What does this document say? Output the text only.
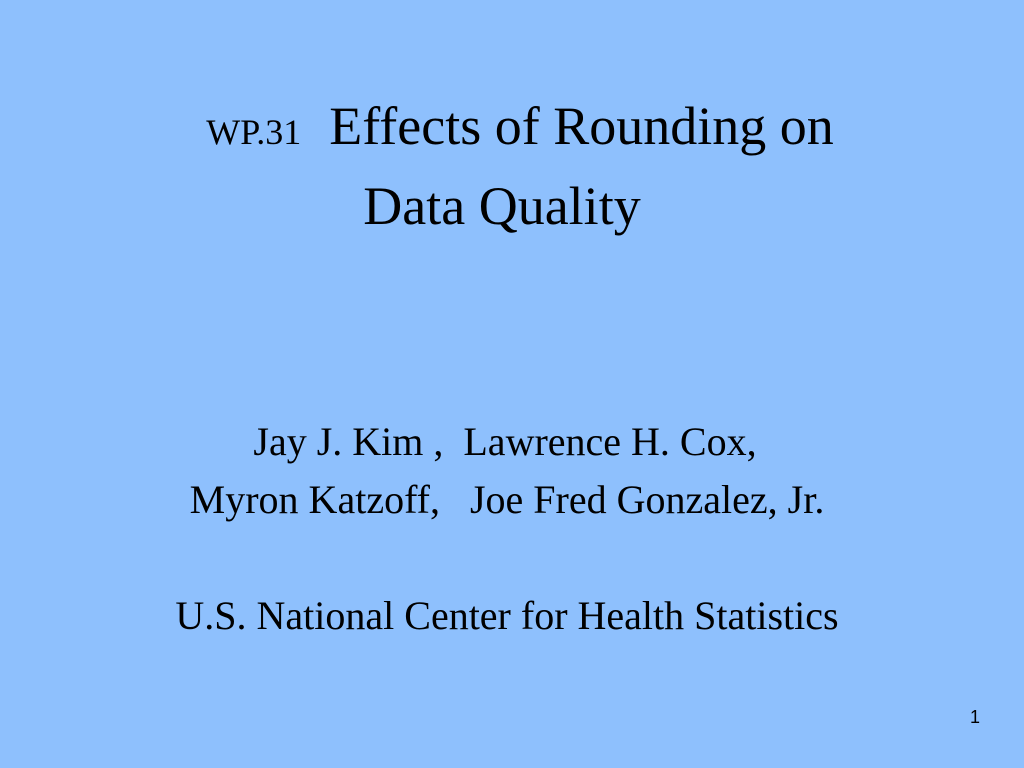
WP.31 Effects of Rounding on
Data Quality
Jay J. Kim ,  Lawrence H. Cox,
Myron Katzoff,   Joe Fred Gonzalez, Jr.
U.S. National Center for Health Statistics
1
